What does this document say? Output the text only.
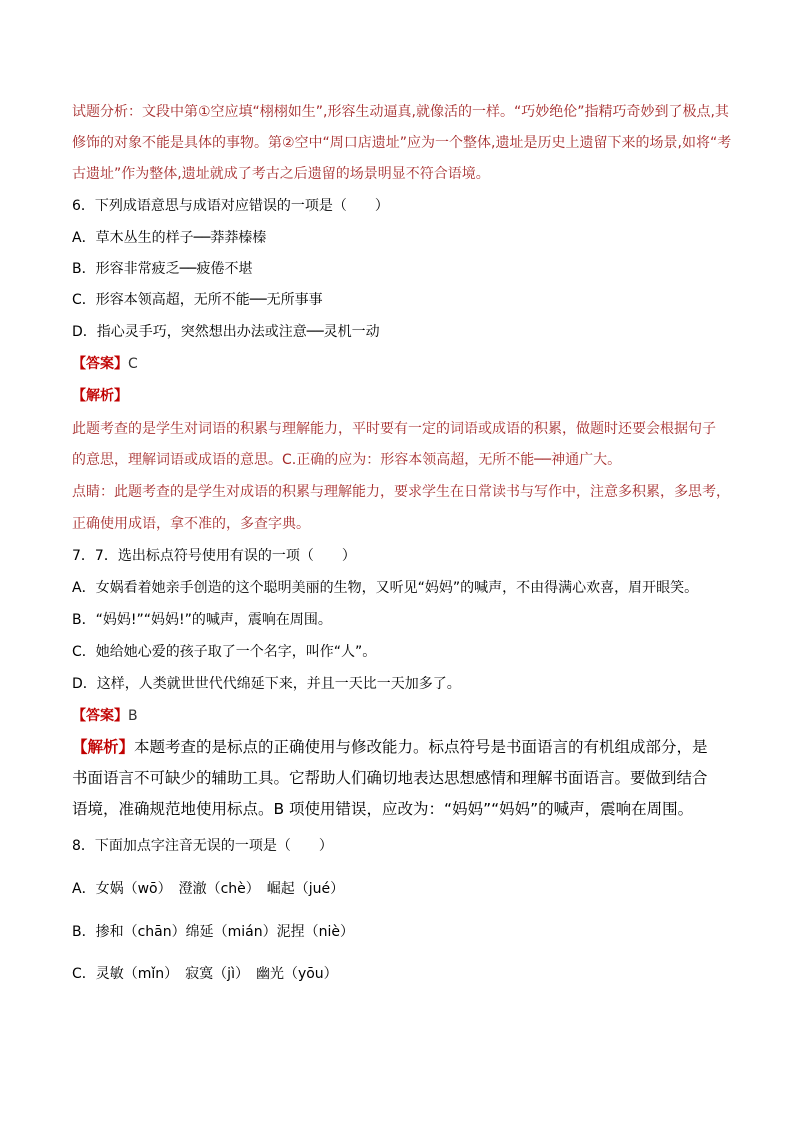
试题分析：文段中第①空应填“栩栩如生”,形容生动逼真,就像活的一样。“巧妙绝伦”指精巧奇妙到了极点,其
修饰的对象不能是具体的事物。第②空中“周口店遗址”应为一个整体,遗址是历史上遗留下来的场景,如将“考
古遗址”作为整体,遗址就成了考古之后遗留的场景明显不符合语境。
6．下列成语意思与成语对应错误的一项是（　　）
A．草木丛生的样子──莽莽榛榛
B．形容非常疲乏──疲倦不堪
C．形容本领高超，无所不能──无所事事
D．指心灵手巧，突然想出办法或注意──灵机一动
【答案】C
【解析】
此题考查的是学生对词语的积累与理解能力，平时要有一定的词语或成语的积累，做题时还要会根据句子
的意思，理解词语或成语的意思。C.正确的应为：形容本领高超，无所不能──神通广大。
点睛：此题考查的是学生对成语的积累与理解能力，要求学生在日常读书与写作中，注意多积累，多思考，
正确使用成语，拿不准的，多查字典。
7．7．选出标点符号使用有误的一项（　　）
A．女娲看着她亲手创造的这个聪明美丽的生物，又听见“妈妈”的喊声，不由得满心欢喜，眉开眼笑。
B．“妈妈!”“妈妈!”的喊声，震响在周围。
C．她给她心爱的孩子取了一个名字，叫作“人”。
D．这样，人类就世世代代绵延下来，并且一天比一天加多了。
【答案】B
【解析】本题考查的是标点的正确使用与修改能力。标点符号是书面语言的有机组成部分，是
书面语言不可缺少的辅助工具。它帮助人们确切地表达思想感情和理解书面语言。要做到结合
语境，准确规范地使用标点。B 项使用错误，应改为：“妈妈”“妈妈”的喊声，震响在周围。
8．下面加点字注音无误的一项是（　　）
A．女娲（wō）　澄澈（chè）　崛起（jué）
B．掺和（chān）绵延（mián）泥捏（niè）
C．灵敏（mǐn）　寂寞（jì）　幽光（yōu）
